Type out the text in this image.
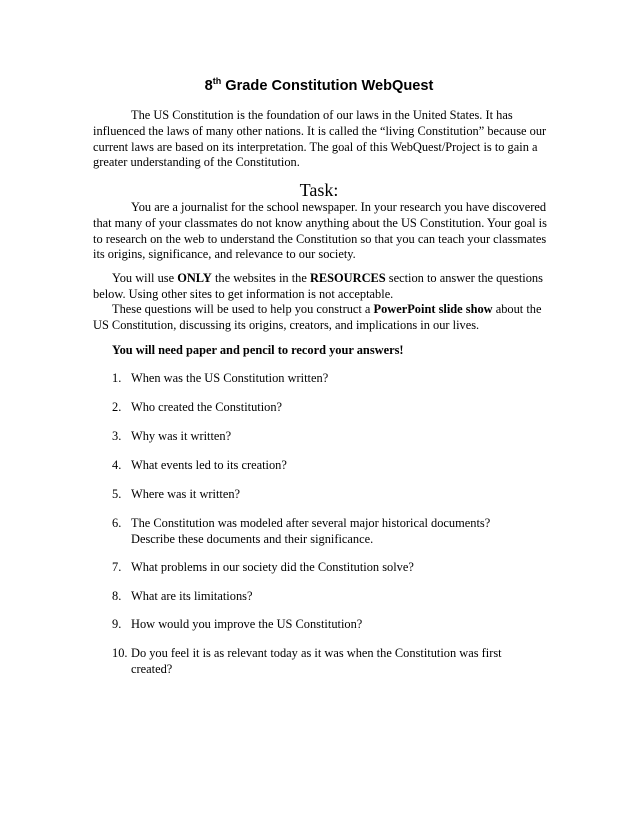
8th Grade Constitution WebQuest

The US Constitution is the foundation of our laws in the United States. It has influenced the laws of many other nations. It is called the “living Constitution” because our current laws are based on its interpretation. The goal of this WebQuest/Project is to gain a greater understanding of the Constitution.

Task:

You are a journalist for the school newspaper. In your research you have discovered that many of your classmates do not know anything about the US Constitution. Your goal is to research on the web to understand the Constitution so that you can teach your classmates its origins, significance, and relevance to our society.

You will use ONLY the websites in the RESOURCES section to answer the questions below. Using other sites to get information is not acceptable.

These questions will be used to help you construct a PowerPoint slide show about the US Constitution, discussing its origins, creators, and implications in our lives.

You will need paper and pencil to record your answers!

1. When was the US Constitution written?
2. Who created the Constitution?
3. Why was it written?
4. What events led to its creation?
5. Where was it written?
6. The Constitution was modeled after several major historical documents? Describe these documents and their significance.
7. What problems in our society did the Constitution solve?
8. What are its limitations?
9. How would you improve the US Constitution?
10. Do you feel it is as relevant today as it was when the Constitution was first created?
